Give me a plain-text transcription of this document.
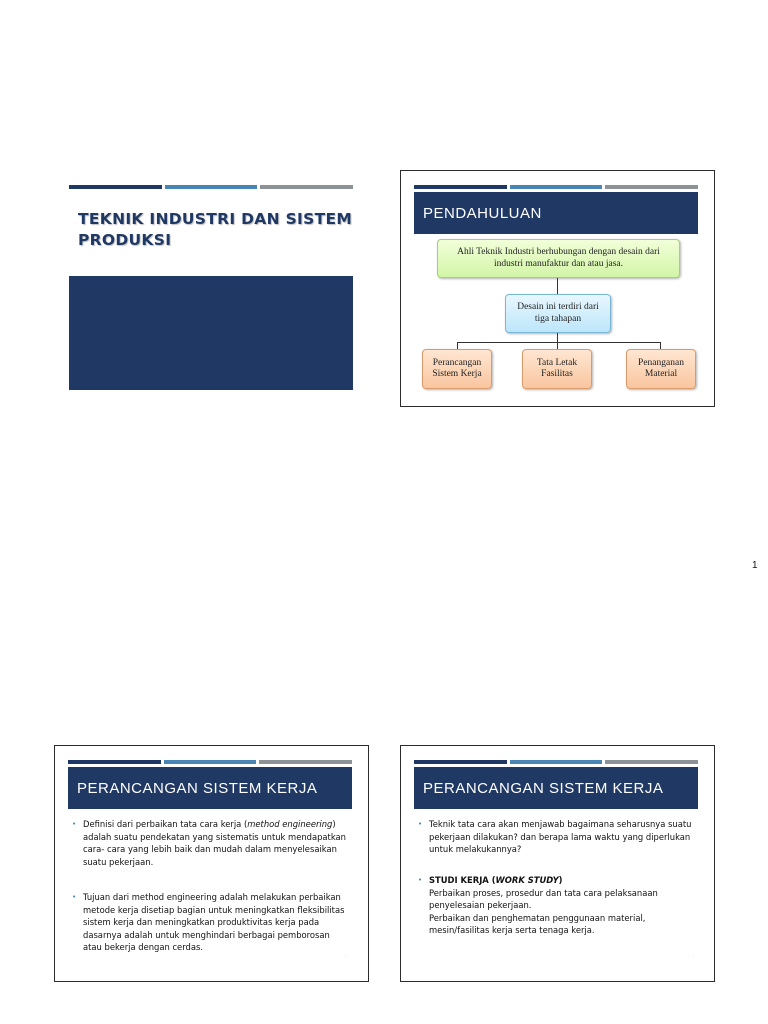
TEKNIK INDUSTRI DAN SISTEM PRODUKSI
PENDAHULUAN
Ahli Teknik Industri berhubungan dengan desain dari industri manufaktur dan atau jasa.
Desain ini terdiri dari tiga tahapan
Perancangan Sistem Kerja
Tata Letak Fasilitas
Penanganan Material
1
PERANCANGAN SISTEM KERJA
• Definisi dari perbaikan tata cara kerja (method engineering) adalah suatu pendekatan yang sistematis untuk mendapatkan cara- cara yang lebih baik dan mudah dalam menyelesaikan suatu pekerjaan.
• Tujuan dari method engineering adalah melakukan perbaikan metode kerja disetiap bagian untuk meningkatkan fleksibilitas sistem kerja dan meningkatkan produktivitas kerja pada dasarnya adalah untuk menghindari berbagai pemborosan atau bekerja dengan cerdas.
·
PERANCANGAN SISTEM KERJA
• Teknik tata cara akan menjawab bagaimana seharusnya suatu pekerjaan dilakukan? dan berapa lama waktu yang diperlukan untuk melakukannya?
• STUDI KERJA (WORK STUDY)
Perbaikan proses, prosedur dan tata cara pelaksanaan penyelesaian pekerjaan.
Perbaikan dan penghematan penggunaan material, mesin/fasilitas kerja serta tenaga kerja.
·
